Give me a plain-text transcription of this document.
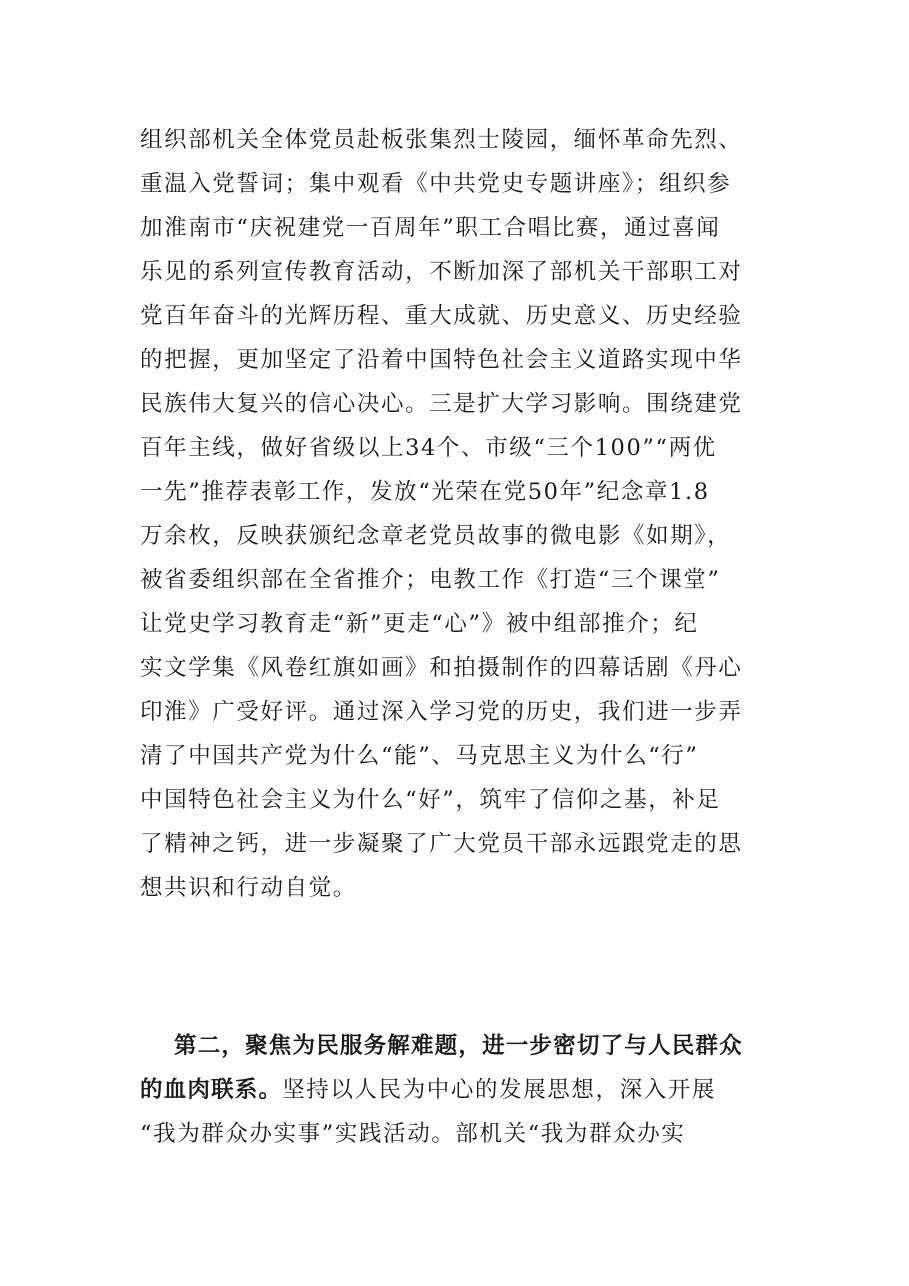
组织部机关全体党员赴板张集烈士陵园，缅怀革命先烈、
重温入党誓词；集中观看《中共党史专题讲座》；组织参
加淮南市“庆祝建党一百周年”职工合唱比赛，通过喜闻
乐见的系列宣传教育活动，不断加深了部机关干部职工对
党百年奋斗的光辉历程、重大成就、历史意义、历史经验
的把握，更加坚定了沿着中国特色社会主义道路实现中华
民族伟大复兴的信心决心。三是扩大学习影响。围绕建党
百年主线，做好省级以上34个、市级“三个100”“两优
一先”推荐表彰工作，发放“光荣在党50年”纪念章1.8
万余枚，反映获颁纪念章老党员故事的微电影《如期》，
被省委组织部在全省推介；电教工作《打造“三个课堂”
让党史学习教育走“新”更走“心”》被中组部推介；纪
实文学集《风卷红旗如画》和拍摄制作的四幕话剧《丹心
印淮》广受好评。通过深入学习党的历史，我们进一步弄
清了中国共产党为什么“能”、马克思主义为什么“行”
中国特色社会主义为什么“好”，筑牢了信仰之基，补足
了精神之钙，进一步凝聚了广大党员干部永远跟党走的思
想共识和行动自觉。
第二，聚焦为民服务解难题，进一步密切了与人民群众
的血肉联系。坚持以人民为中心的发展思想，深入开展
“我为群众办实事”实践活动。部机关“我为群众办实
